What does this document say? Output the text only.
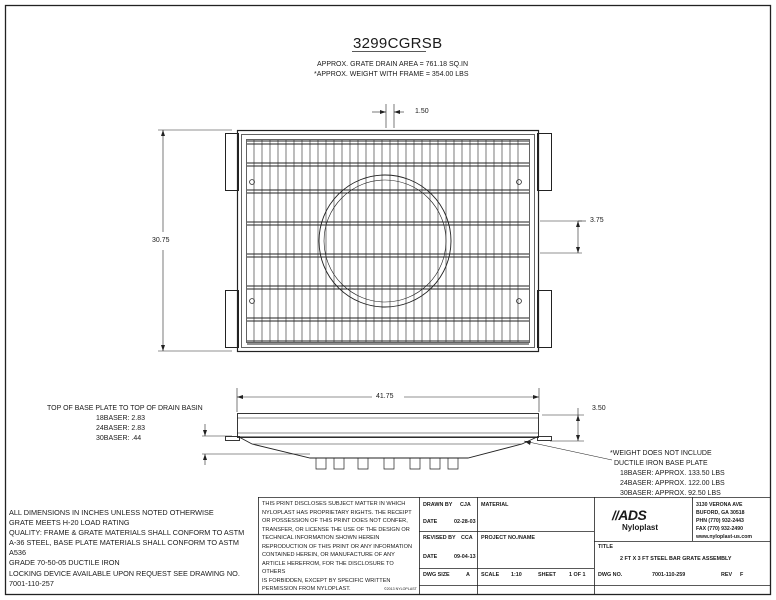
3299CGRSB
APPROX. GRATE DRAIN AREA = 761.18 SQ.IN
*APPROX. WEIGHT WITH FRAME = 354.00 LBS
1.50
30.75
3.75
41.75
3.50
TOP OF BASE PLATE TO TOP OF DRAIN BASIN
18BASER: 2.83
24BASER: 2.83
30BASER: .44
*WEIGHT DOES NOT INCLUDE
DUCTILE IRON BASE PLATE
18BASER: APPROX. 133.50 LBS
24BASER: APPROX. 122.00 LBS
30BASER: APPROX. 92.50 LBS
ALL DIMENSIONS IN INCHES UNLESS NOTED OTHERWISE
GRATE MEETS H-20 LOAD RATING
QUALITY: FRAME & GRATE MATERIALS SHALL CONFORM TO ASTM
A-36 STEEL, BASE PLATE MATERIALS SHALL CONFORM TO ASTM A536
GRADE 70-50-05 DUCTILE IRON
LOCKING DEVICE AVAILABLE UPON REQUEST SEE DRAWING NO.
7001-110-257
THIS PRINT DISCLOSES SUBJECT MATTER IN WHICH
NYLOPLAST HAS PROPRIETARY RIGHTS. THE RECEIPT
OR POSSESSION OF THIS PRINT DOES NOT CONFER,
TRANSFER, OR LICENSE THE USE OF THE DESIGN OR
TECHNICAL INFORMATION SHOWN HEREIN
REPRODUCTION OF THIS PRINT OR ANY INFORMATION
CONTAINED HEREIN, OR MANUFACTURE OF ANY
ARTICLE HEREFROM, FOR THE DISCLOSURE TO OTHERS
IS FORBIDDEN, EXCEPT BY SPECIFIC WRITTEN
PERMISSION FROM NYLOPLAST.	©2013 NYLOPLAST
DRAWN BY CJA
DATE	02-28-03
REVISED BY CCA
DATE	09-04-13
MATERIAL
PROJECT NO./NAME
DWG SIZE	A SCALE 1:10	SHEET 1 OF 1
TITLE
2 FT X 3 FT STEEL BAR GRATE ASSEMBLY
DWG NO.	7001-110-259	REV F
//ADS
Nyloplast
3130 VERONA AVE
BUFORD, GA 30518
PHN (770) 932-2443
FAX (770) 932-2490
www.nyloplast-us.com
